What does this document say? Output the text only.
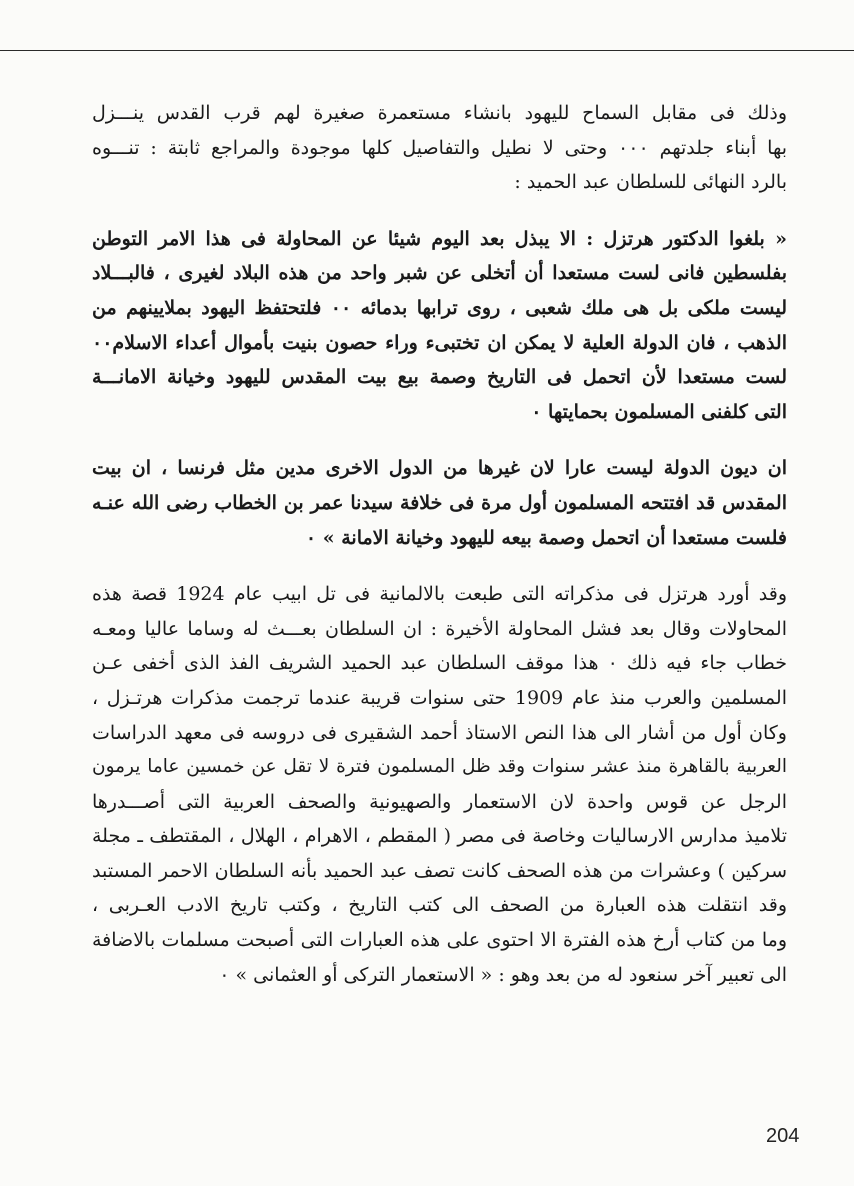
وذلك فى مقابل السماح لليهود بانشاء مستعمرة صغيرة لهم قرب القدس ينـــزل
بها أبناء جلدتهم ٠٠٠ وحتى لا نطيل والتفاصيل كلها موجودة والمراجع ثابتة : تنـــوه
بالرد النهائى للسلطان عبد الحميد :
« بلغوا الدكتور هرتزل : الا يبذل بعد اليوم شيئا عن المحاولة فى هذا الامر التوطن
بفلسطين فانى لست مستعدا أن أتخلى عن شبر واحد من هذه البلاد لغيرى ، فالبـــلاد
ليست ملكى بل هى ملك شعبى ، روى ترابها بدمائه ٠٠ فلتحتفظ اليهود بملايينهم من
الذهب ، فان الدولة العلية لا يمكن ان تختبىء وراء حصون بنيت بأموال أعداء الاسلام٠٠
لست مستعدا لأن اتحمل فى التاريخ وصمة بيع بيت المقدس لليهود وخيانة الامانـــة
التى كلفنى المسلمون بحمايتها ٠
ان ديون الدولة ليست عارا لان غيرها من الدول الاخرى مدين مثل فرنسا ، ان بيت
المقدس قد افتتحه المسلمون أول مرة فى خلافة سيدنا عمر بن الخطاب رضى الله عنـه
فلست مستعدا أن اتحمل وصمة بيعه لليهود وخيانة الامانة » ٠
وقد أورد هرتزل فى مذكراته التى طبعت بالالمانية فى تل ابيب عام 1924 قصة هذه
المحاولات وقال بعد فشل المحاولة الأخيرة : ان السلطان بعـــث له وساما عاليا ومعـه
خطاب جاء فيه ذلك ٠ هذا موقف السلطان عبد الحميد الشريف الفذ الذى أخفى عـن
المسلمين والعرب منذ عام 1909 حتى سنوات قريبة عندما ترجمت مذكرات هرتـزل ،
وكان أول من أشار الى هذا النص الاستاذ أحمد الشقيرى فى دروسه فى معهد الدراسات
العربية بالقاهرة منذ عشر سنوات وقد ظل المسلمون فترة لا تقل عن خمسين عاما يرمون
الرجل عن قوس واحدة لان الاستعمار والصهيونية والصحف العربية التى أصـــدرها
تلاميذ مدارس الارساليات وخاصة فى مصر ( المقطم ، الاهرام ، الهلال ، المقتطف ـ مجلة
سركين ) وعشرات من هذه الصحف كانت تصف عبد الحميد بأنه السلطان الاحمر المستبد
وقد انتقلت هذه العبارة من الصحف الى كتب التاريخ ، وكتب تاريخ الادب العـربى ،
وما من كتاب أرخ هذه الفترة الا احتوى على هذه العبارات التى أصبحت مسلمات بالاضافة
الى تعبير آخر سنعود له من بعد وهو : « الاستعمار التركى أو العثمانى » ٠
204
